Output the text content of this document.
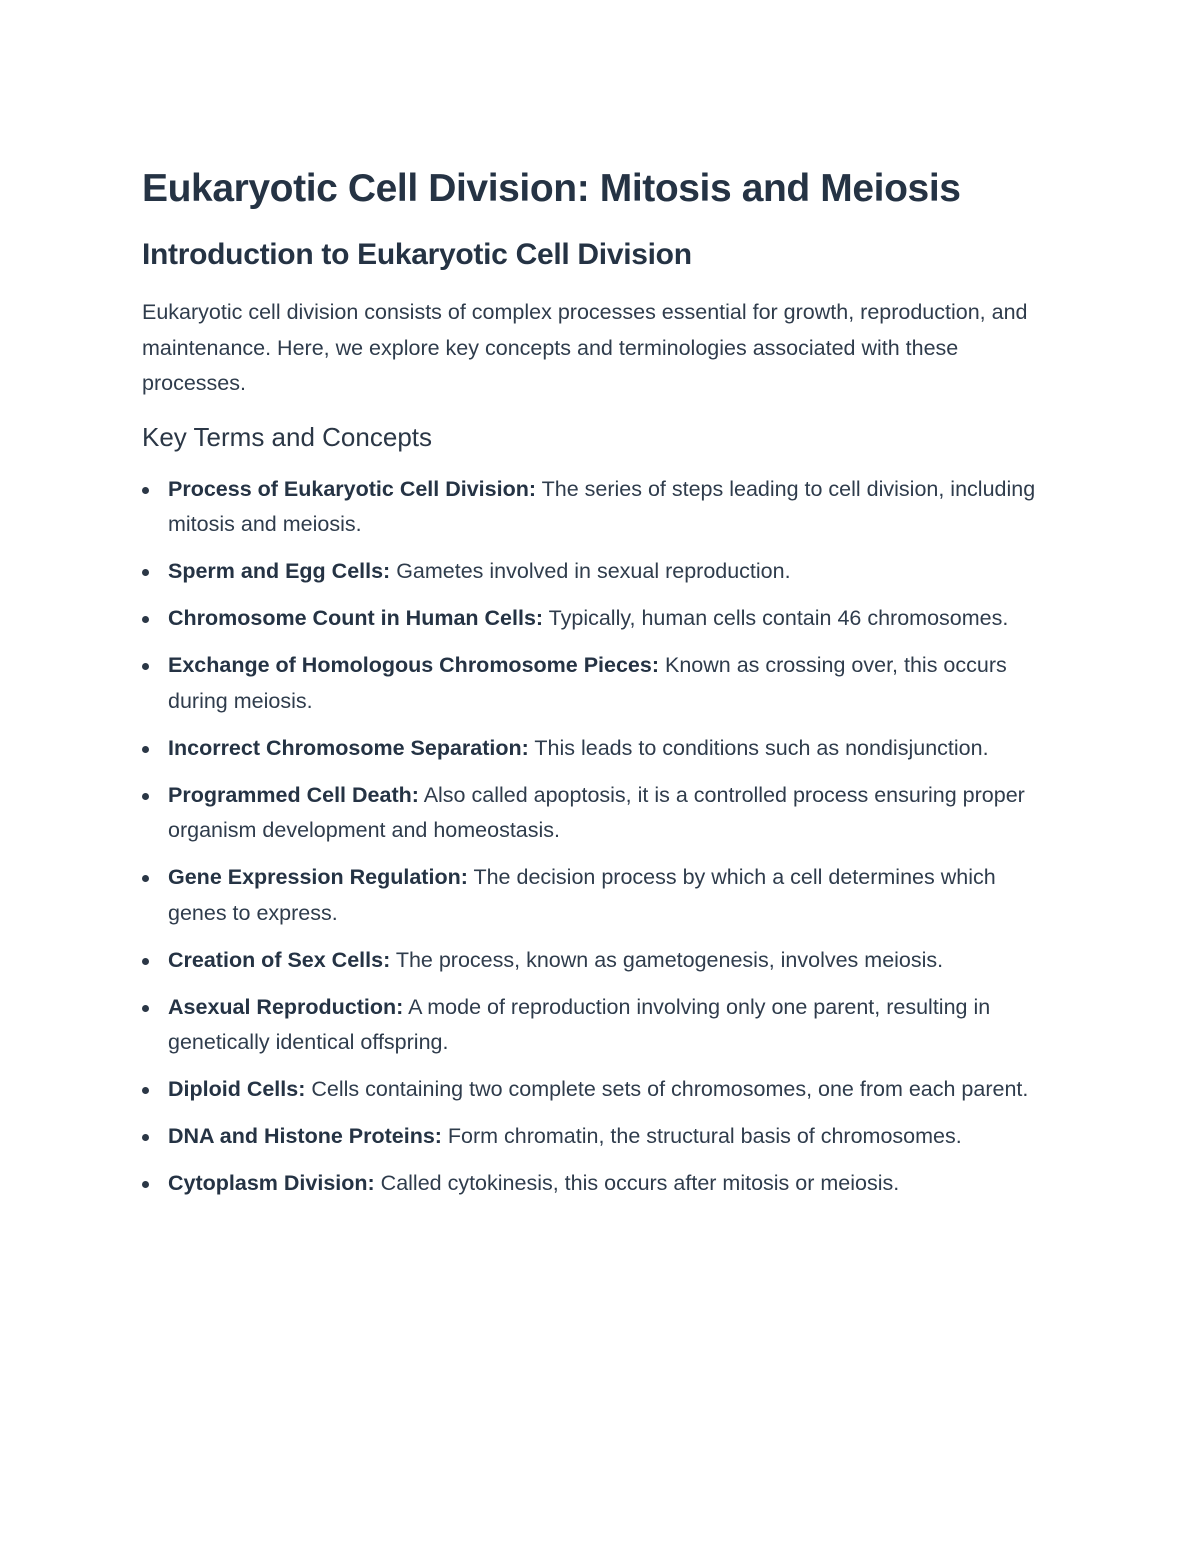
Eukaryotic Cell Division: Mitosis and Meiosis
Introduction to Eukaryotic Cell Division

Eukaryotic cell division consists of complex processes essential for growth, reproduction, and maintenance. Here, we explore key concepts and terminologies associated with these processes.

Key Terms and Concepts
Process of Eukaryotic Cell Division: The series of steps leading to cell division, including mitosis and meiosis.
Sperm and Egg Cells: Gametes involved in sexual reproduction.
Chromosome Count in Human Cells: Typically, human cells contain 46 chromosomes.
Exchange of Homologous Chromosome Pieces: Known as crossing over, this occurs during meiosis.
Incorrect Chromosome Separation: This leads to conditions such as nondisjunction.
Programmed Cell Death: Also called apoptosis, it is a controlled process ensuring proper organism development and homeostasis.
Gene Expression Regulation: The decision process by which a cell determines which genes to express.
Creation of Sex Cells: The process, known as gametogenesis, involves meiosis.
Asexual Reproduction: A mode of reproduction involving only one parent, resulting in genetically identical offspring.
Diploid Cells: Cells containing two complete sets of chromosomes, one from each parent.
DNA and Histone Proteins: Form chromatin, the structural basis of chromosomes.
Cytoplasm Division: Called cytokinesis, this occurs after mitosis or meiosis.
